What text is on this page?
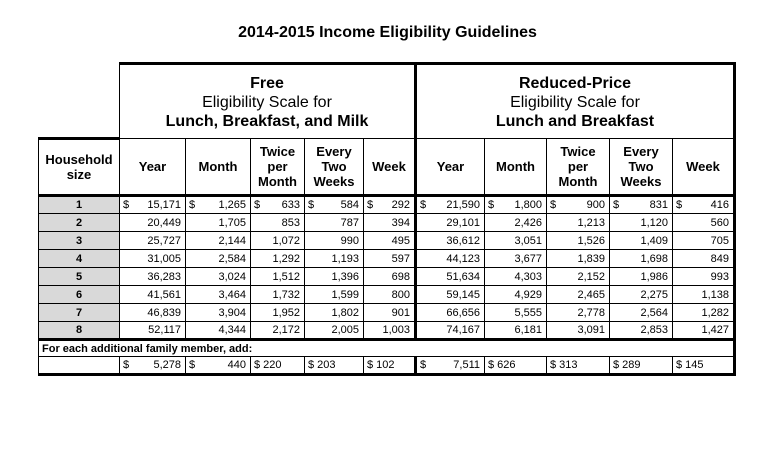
2014-2015 Income Eligibility Guidelines

	Free
Eligibility Scale for
Lunch, Breakfast, and Milk					Reduced-Price
Eligibility Scale for
Lunch and Breakfast				

Household
size	Year	Month	Twice
per
Month	Every
Two
Weeks	Week	Year	Month	Twice
per
Month	Every
Two
Weeks	Week
1	$ 15,171	$ 1,265	$ 633	$ 584	$ 292	$ 21,590	$ 1,800	$ 900	$ 831	$ 416

2	20,449	1,705	853	787	394	29,101	2,426	1,213	1,120	560
3	25,727	2,144	1,072	990	495	36,612	3,051	1,526	1,409	705
4	31,005	2,584	1,292	1,193	597	44,123	3,677	1,839	1,698	849
5	36,283	3,024	1,512	1,396	698	51,634	4,303	2,152	1,986	993
6	41,561	3,464	1,732	1,599	800	59,145	4,929	2,465	2,275	1,138
7	46,839	3,904	1,952	1,802	901	66,656	5,555	2,778	2,564	1,282
8	52,117	4,344	2,172	2,005	1,003	74,167	6,181	3,091	2,853	1,427
For each additional family member, add:										

	$ 5,278	$ 440	$ 220	$ 203	$ 102	$ 7,511	$ 626	$ 313	$ 289	$ 145
